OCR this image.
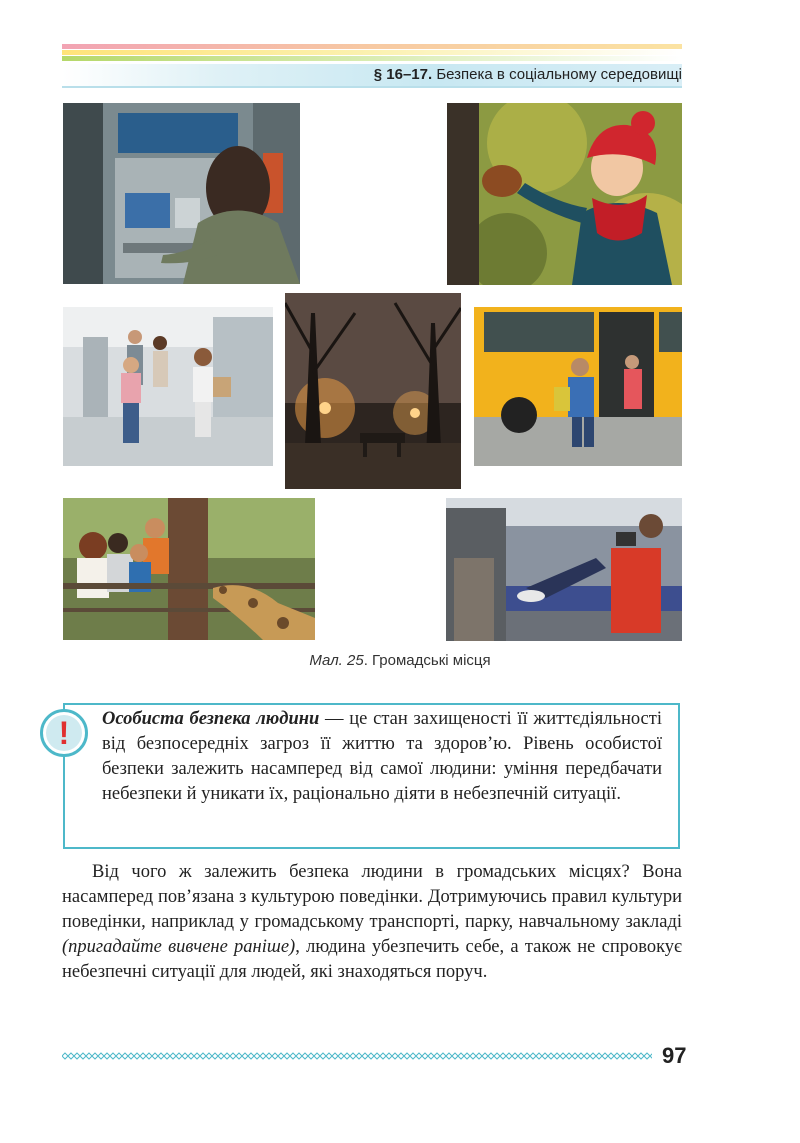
§ 16–17. Безпека в соціальному середовищі
Мал. 25. Громадські місця
!	Особиста безпека людини — це стан захищеності її життєдіяльності від безпосередніх загроз її життю та здоров’ю. Рівень особистої безпеки залежить насамперед від самої людини: уміння передбачати небезпеки й уникати їх, раціонально діяти в небезпечній ситуації.

Від чого ж залежить безпека людини в громадських місцях? Вона насамперед пов’язана з культурою поведінки. Дотримуючись правил культури поведінки, наприклад у громадському транспорті, парку, навчальному закладі (пригадайте вивчене раніше), людина убезпечить себе, а також не спровокує небезпечні ситуації для людей, які знаходяться поруч.

97
